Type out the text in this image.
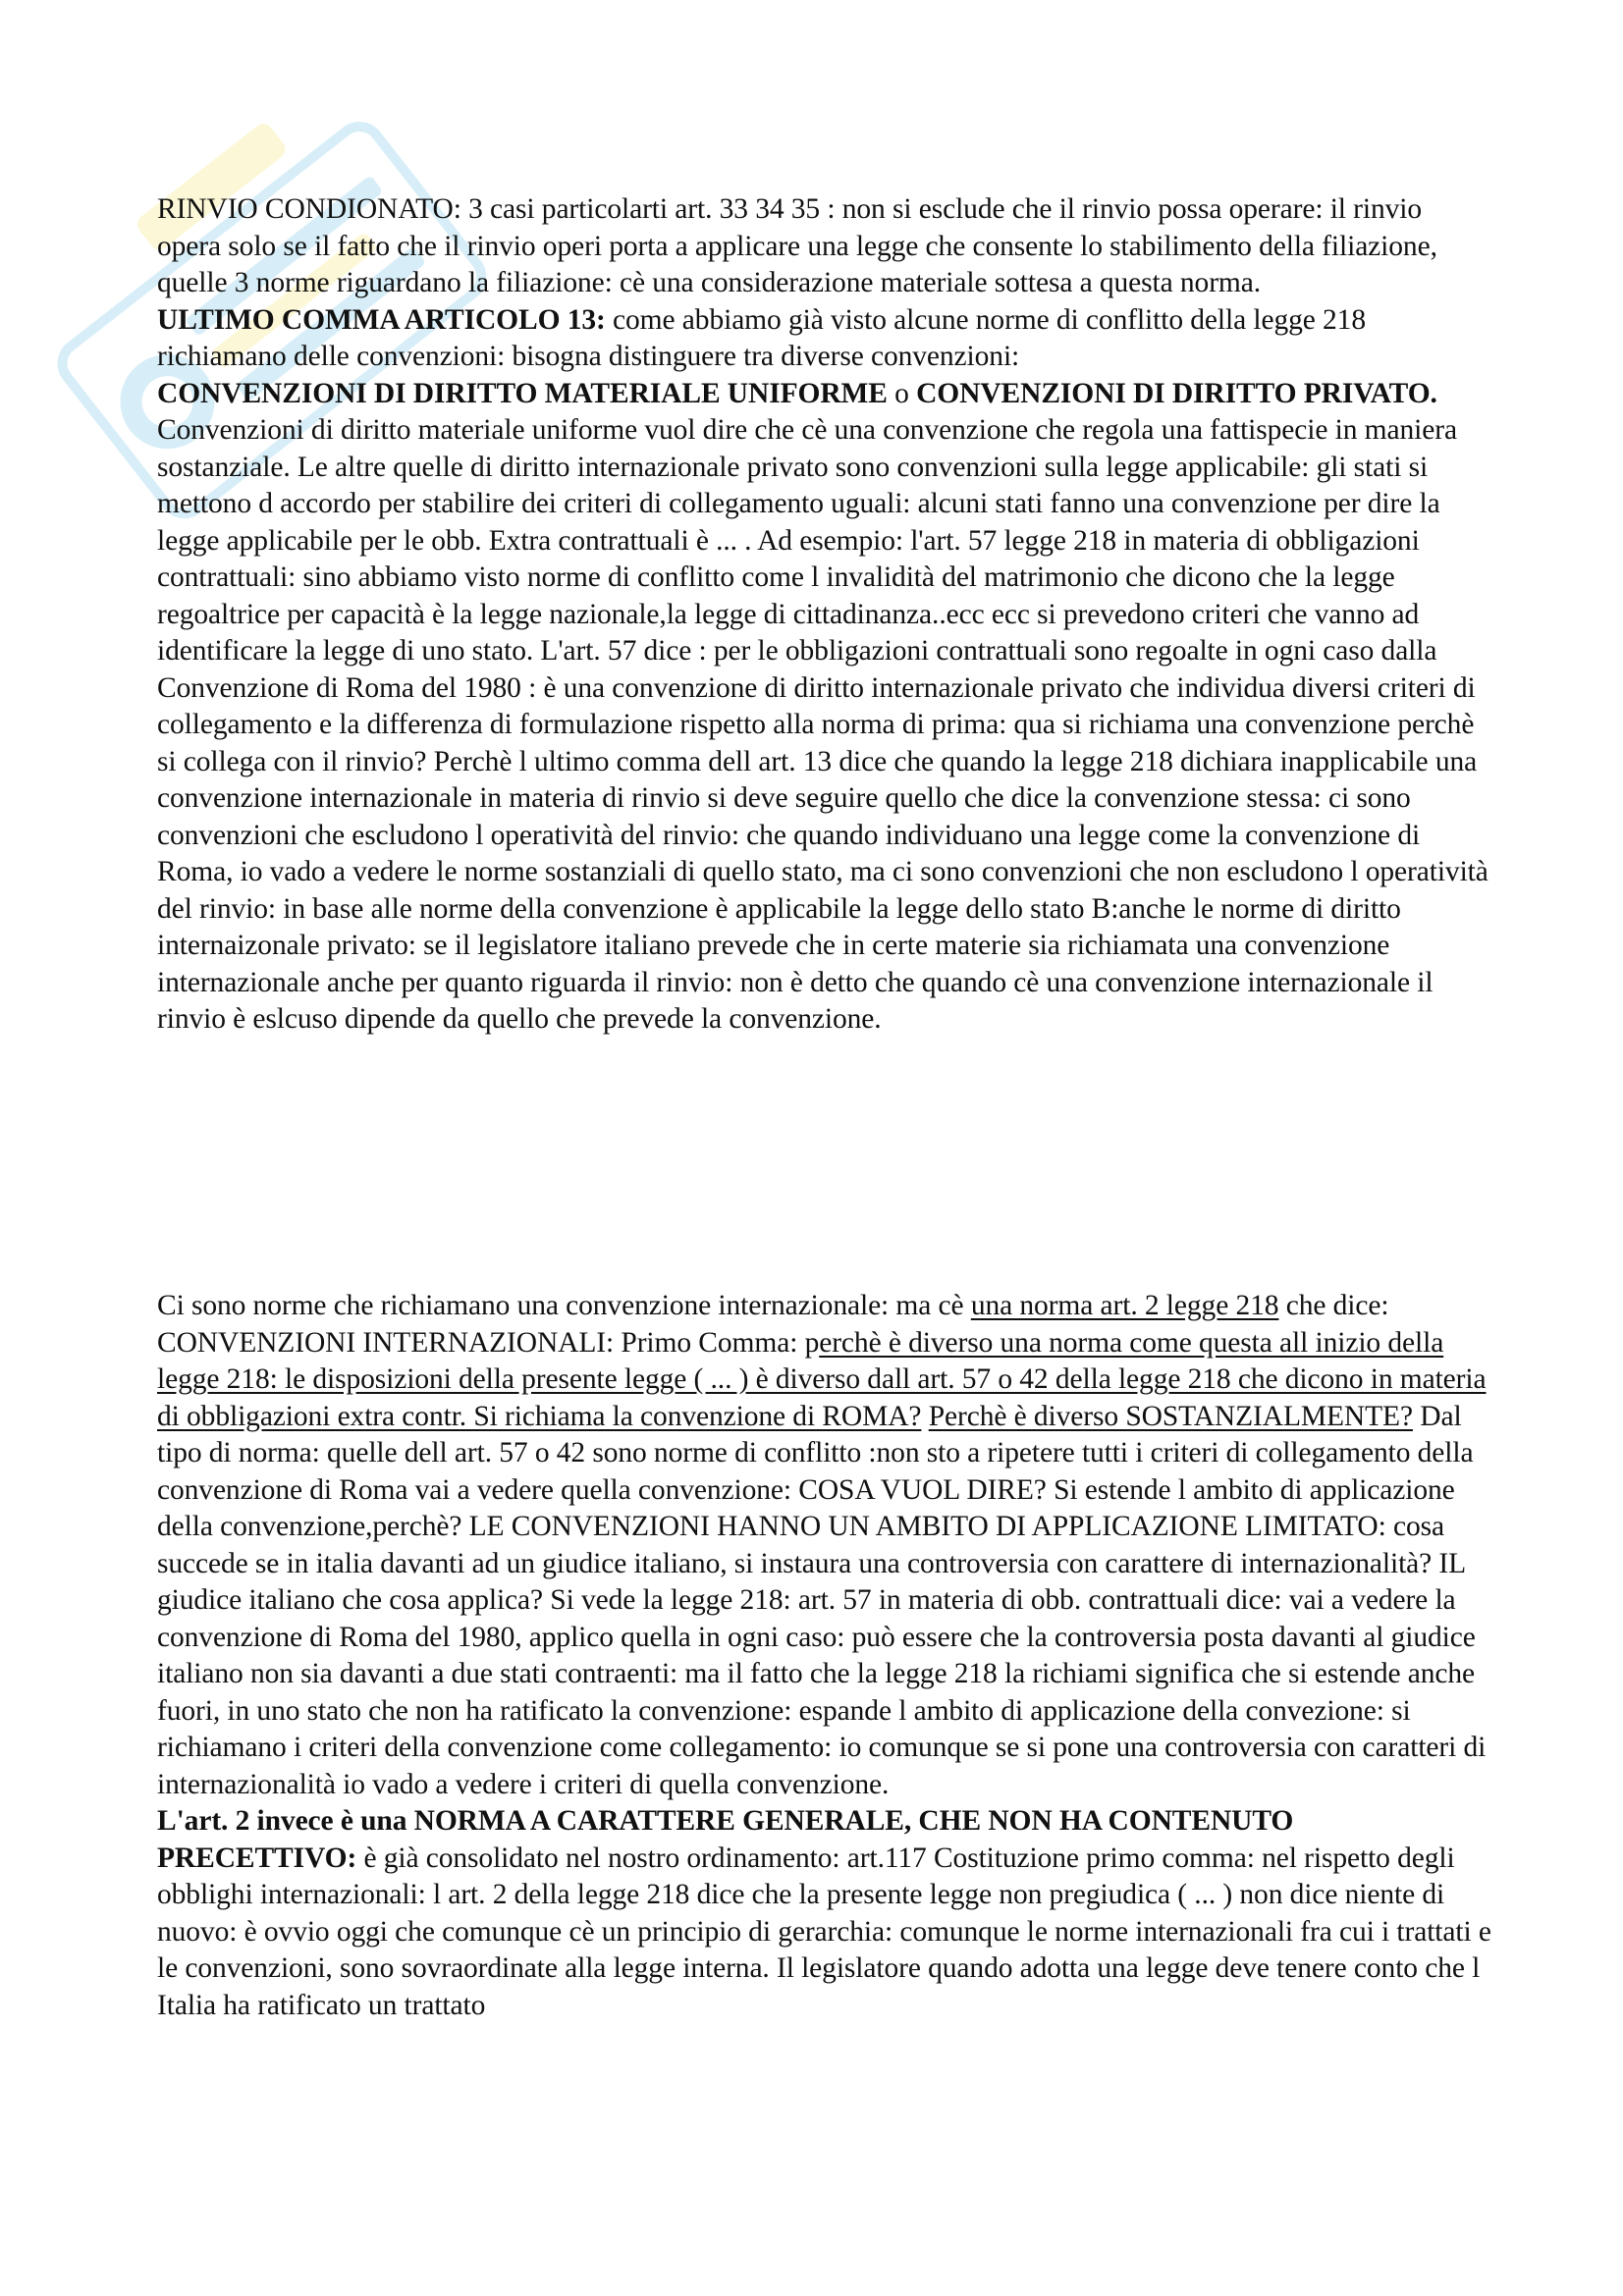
RINVIO CONDIONATO: 3 casi particolarti art. 33 34 35 : non si esclude che il rinvio possa operare: il rinvio opera solo se il fatto che il rinvio operi porta a applicare una legge che consente lo stabilimento della filiazione, quelle 3 norme riguardano la filiazione: cè una considerazione materiale sottesa a questa norma.

ULTIMO COMMA ARTICOLO 13: come abbiamo già visto alcune norme di conflitto della legge 218 richiamano delle convenzioni: bisogna distinguere tra diverse convenzioni:

CONVENZIONI DI DIRITTO MATERIALE UNIFORME o CONVENZIONI DI DIRITTO PRIVATO.

Convenzioni di diritto materiale uniforme vuol dire che cè una convenzione che regola una fattispecie in maniera sostanziale. Le altre quelle di diritto internazionale privato sono convenzioni sulla legge applicabile: gli stati si mettono d accordo per stabilire dei criteri di collegamento uguali: alcuni stati fanno una convenzione per dire la legge applicabile per le obb. Extra contrattuali è ... . Ad esempio: l'art. 57 legge 218 in materia di obbligazioni contrattuali: sino abbiamo visto norme di conflitto come l invalidità del matrimonio che dicono che la legge regoaltrice per capacità è la legge nazionale,la legge di cittadinanza..ecc ecc si prevedono criteri che vanno ad identificare la legge di uno stato. L'art. 57 dice : per le obbligazioni contrattuali sono regoalte in ogni caso dalla Convenzione di Roma del 1980 : è una convenzione di diritto internazionale privato che individua diversi criteri di collegamento e la differenza di formulazione rispetto alla norma di prima: qua si richiama una convenzione perchè si collega con il rinvio? Perchè l ultimo comma dell art. 13 dice che quando la legge 218 dichiara inapplicabile una convenzione internazionale in materia di rinvio si deve seguire quello che dice la convenzione stessa: ci sono convenzioni che escludono l operatività del rinvio: che quando individuano una legge come la convenzione di Roma, io vado a vedere le norme sostanziali di quello stato, ma ci sono convenzioni che non escludono l operatività del rinvio: in base alle norme della convenzione è applicabile la legge dello stato B:anche le norme di diritto internaizonale privato: se il legislatore italiano prevede che in certe materie sia richiamata una convenzione internazionale anche per quanto riguarda il rinvio: non è detto che quando cè una convenzione internazionale il rinvio è eslcuso dipende da quello che prevede la convenzione.

Ci sono norme che richiamano una convenzione internazionale: ma cè una norma art. 2 legge 218 che dice: CONVENZIONI INTERNAZIONALI: Primo Comma: perchè è diverso una norma come questa all inizio della legge 218: le disposizioni della presente legge ( ... ) è diverso dall art. 57 o 42 della legge 218 che dicono in materia di obbligazioni extra contr. Si richiama la convenzione di ROMA? Perchè è diverso SOSTANZIALMENTE? Dal tipo di norma: quelle dell art. 57 o 42 sono norme di conflitto :non sto a ripetere tutti i criteri di collegamento della convenzione di Roma vai a vedere quella convenzione: COSA VUOL DIRE? Si estende l ambito di applicazione della convenzione,perchè? LE CONVENZIONI HANNO UN AMBITO DI APPLICAZIONE LIMITATO: cosa succede se in italia davanti ad un giudice italiano, si instaura una controversia con carattere di internazionalità? IL giudice italiano che cosa applica? Si vede la legge 218: art. 57 in materia di obb. contrattuali dice: vai a vedere la convenzione di Roma del 1980, applico quella in ogni caso: può essere che la controversia posta davanti al giudice italiano non sia davanti a due stati contraenti: ma il fatto che la legge 218 la richiami significa che si estende anche fuori, in uno stato che non ha ratificato la convenzione: espande l ambito di applicazione della convezione: si richiamano i criteri della convenzione come collegamento: io comunque se si pone una controversia con caratteri di internazionalità io vado a vedere i criteri di quella convenzione.

L'art. 2 invece è una NORMA A CARATTERE GENERALE, CHE NON HA CONTENUTO PRECETTIVO: è già consolidato nel nostro ordinamento: art.117 Costituzione primo comma: nel rispetto degli obblighi internazionali: l art. 2 della legge 218 dice che la presente legge non pregiudica ( ... ) non dice niente di nuovo: è ovvio oggi che comunque cè un principio di gerarchia: comunque le norme internazionali fra cui i trattati e le convenzioni, sono sovraordinate alla legge interna. Il legislatore quando adotta una legge deve tenere conto che l Italia ha ratificato un trattato
